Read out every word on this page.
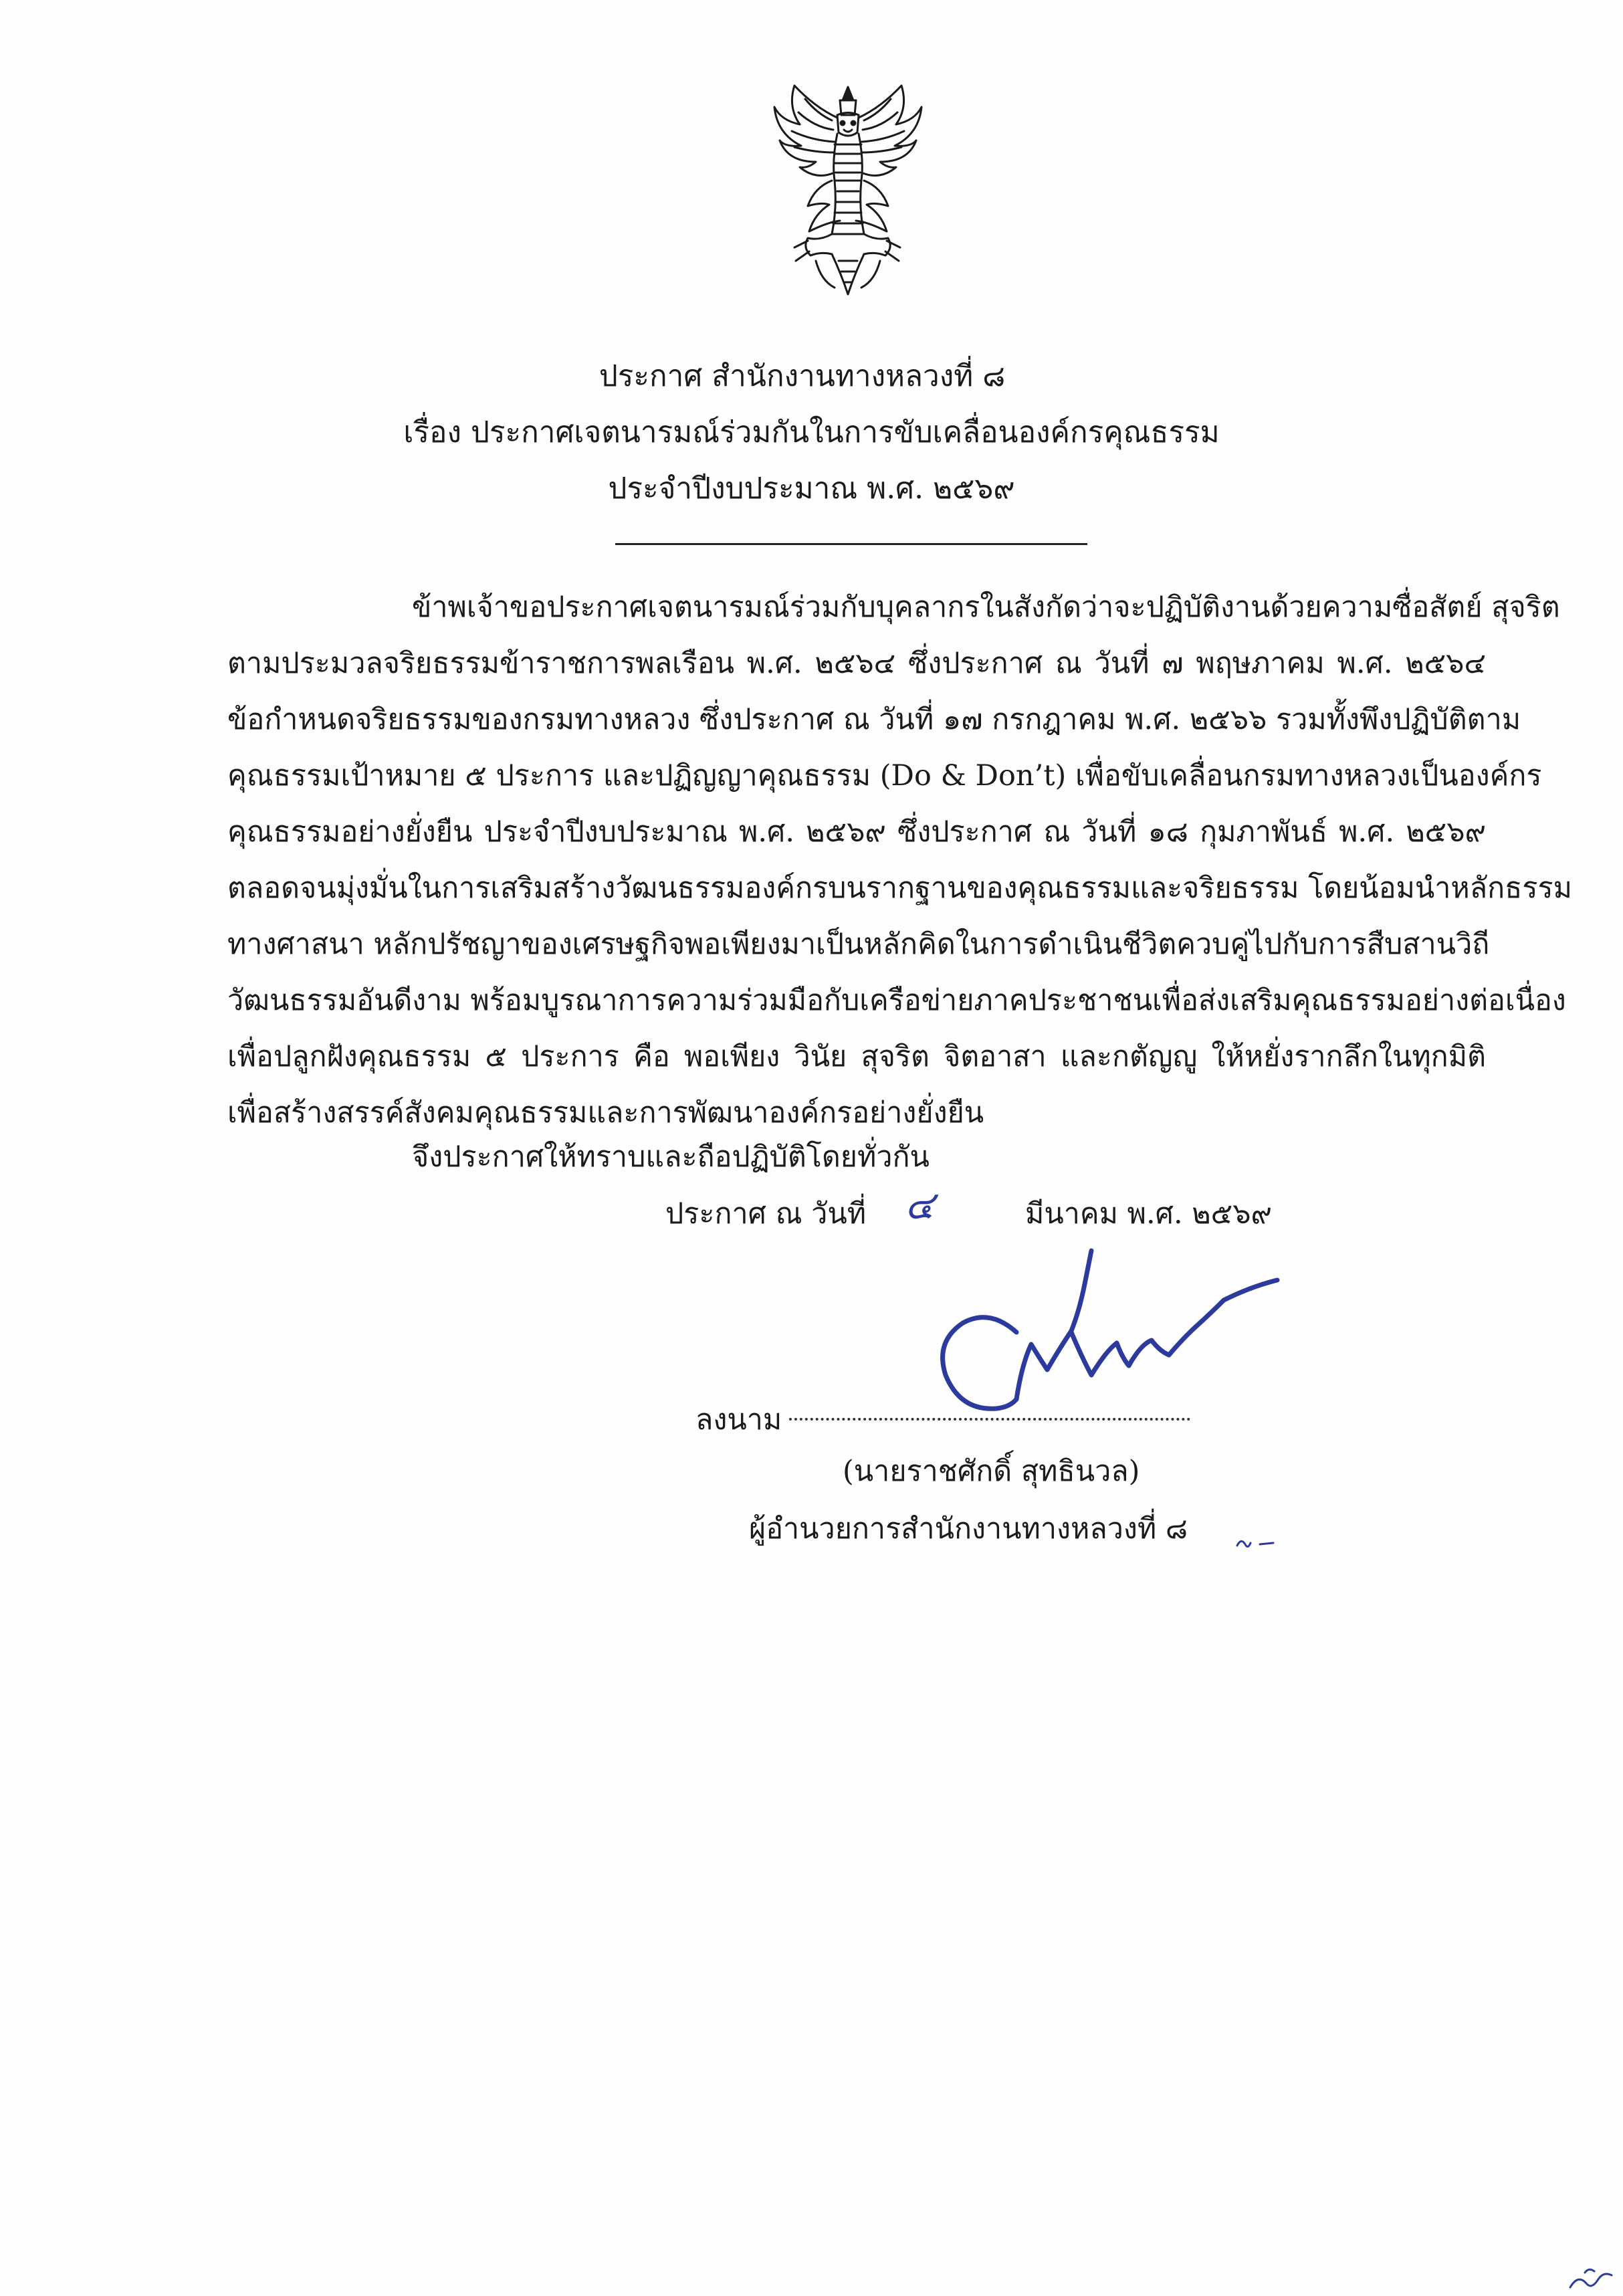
ประกาศ สำนักงานทางหลวงที่ ๘
เรื่อง ประกาศเจตนารมณ์ร่วมกันในการขับเคลื่อนองค์กรคุณธรรม
ประจำปีงบประมาณ พ.ศ. ๒๕๖๙
ข้าพเจ้าขอประกาศเจตนารมณ์ร่วมกับบุคลากรในสังกัดว่าจะปฏิบัติงานด้วยความซื่อสัตย์ สุจริต
ตามประมวลจริยธรรมข้าราชการพลเรือน พ.ศ. ๒๕๖๔ ซึ่งประกาศ ณ วันที่ ๗ พฤษภาคม พ.ศ. ๒๕๖๔
ข้อกำหนดจริยธรรมของกรมทางหลวง ซึ่งประกาศ ณ วันที่ ๑๗ กรกฎาคม พ.ศ. ๒๕๖๖ รวมทั้งพึงปฏิบัติตาม
คุณธรรมเป้าหมาย ๕ ประการ และปฏิญญาคุณธรรม (Do & Don’t) เพื่อขับเคลื่อนกรมทางหลวงเป็นองค์กร
คุณธรรมอย่างยั่งยืน ประจำปีงบประมาณ พ.ศ. ๒๕๖๙ ซึ่งประกาศ ณ วันที่ ๑๘ กุมภาพันธ์ พ.ศ. ๒๕๖๙
ตลอดจนมุ่งมั่นในการเสริมสร้างวัฒนธรรมองค์กรบนรากฐานของคุณธรรมและจริยธรรม โดยน้อมนำหลักธรรม
ทางศาสนา หลักปรัชญาของเศรษฐกิจพอเพียงมาเป็นหลักคิดในการดำเนินชีวิตควบคู่ไปกับการสืบสานวิถี
วัฒนธรรมอันดีงาม พร้อมบูรณาการความร่วมมือกับเครือข่ายภาคประชาชนเพื่อส่งเสริมคุณธรรมอย่างต่อเนื่อง
เพื่อปลูกฝังคุณธรรม ๕ ประการ คือ พอเพียง วินัย สุจริต จิตอาสา และกตัญญู ให้หยั่งรากลึกในทุกมิติ
เพื่อสร้างสรรค์สังคมคุณธรรมและการพัฒนาองค์กรอย่างยั่งยืน
จึงประกาศให้ทราบและถือปฏิบัติโดยทั่วกัน
ประกาศ ณ วันที่ ๔	มีนาคม พ.ศ. ๒๕๖๙
ลงนาม
(นายราชศักดิ์ สุทธินวล)
ผู้อำนวยการสำนักงานทางหลวงที่ ๘
